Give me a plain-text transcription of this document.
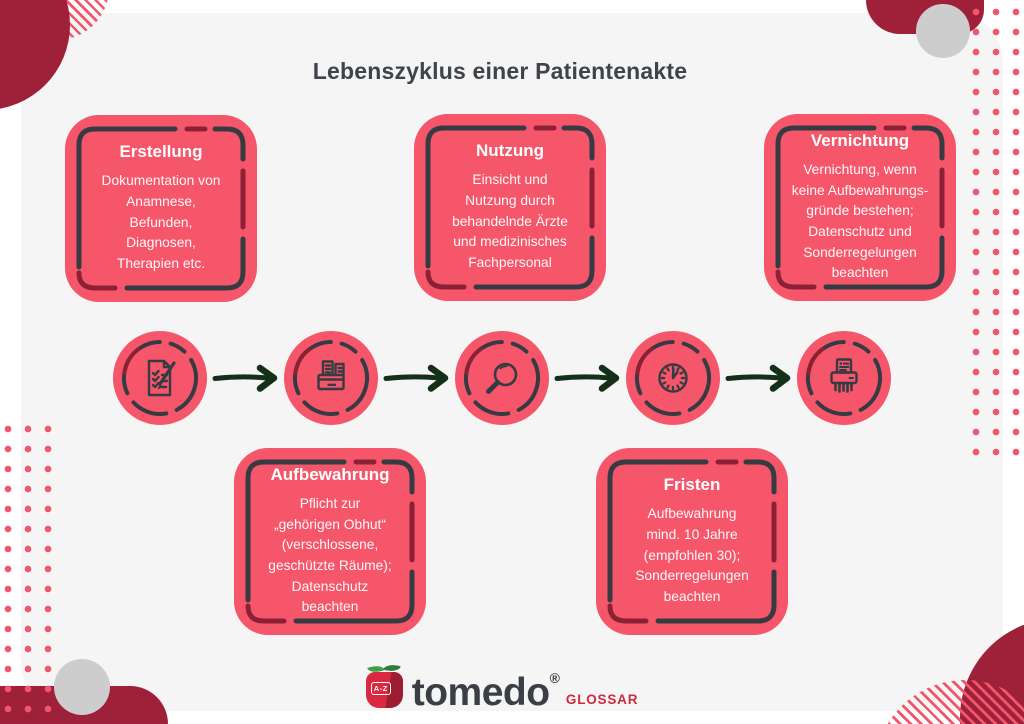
Lebenszyklus einer Patientenakte
Erstellung
Dokumentation von
Anamnese,
Befunden,
Diagnosen,
Therapien etc.
Nutzung
Einsicht und
Nutzung durch
behandelnde Ärzte
und medizinisches
Fachpersonal
Vernichtung
Vernichtung, wenn
keine Aufbewahrungs-
gründe bestehen;
Datenschutz und
Sonderregelungen
beachten
Aufbewahrung
Pflicht zur
„gehörigen Obhut“
(verschlossene,
geschützte Räume);
Datenschutz
beachten
Fristen
Aufbewahrung
mind. 10 Jahre
(empfohlen 30);
Sonderregelungen
beachten
A-Z tomedo®
GLOSSAR
